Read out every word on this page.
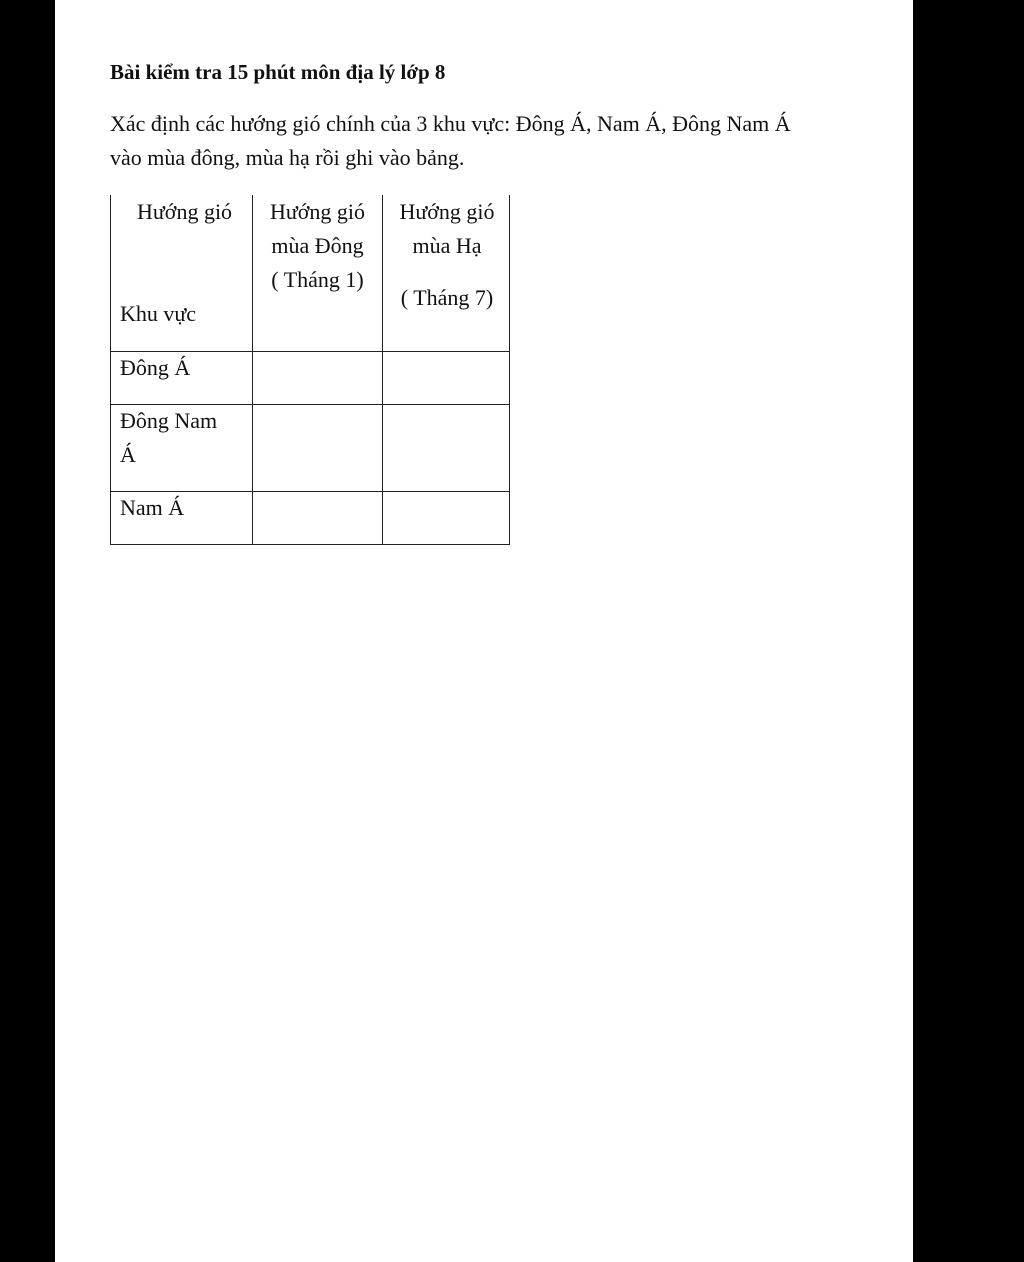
Bài kiểm tra 15 phút môn địa lý lớp 8
Xác định các hướng gió chính của 3 khu vực: Đông Á, Nam Á, Đông Nam Á
vào mùa đông, mùa hạ rồi ghi vào bảng.
Hướng gió
Khu vực
Hướng gió
mùa Đông
( Tháng 1)
Hướng gió
mùa Hạ
( Tháng 7)
Đông Á
Đông Nam
Á
Nam Á
